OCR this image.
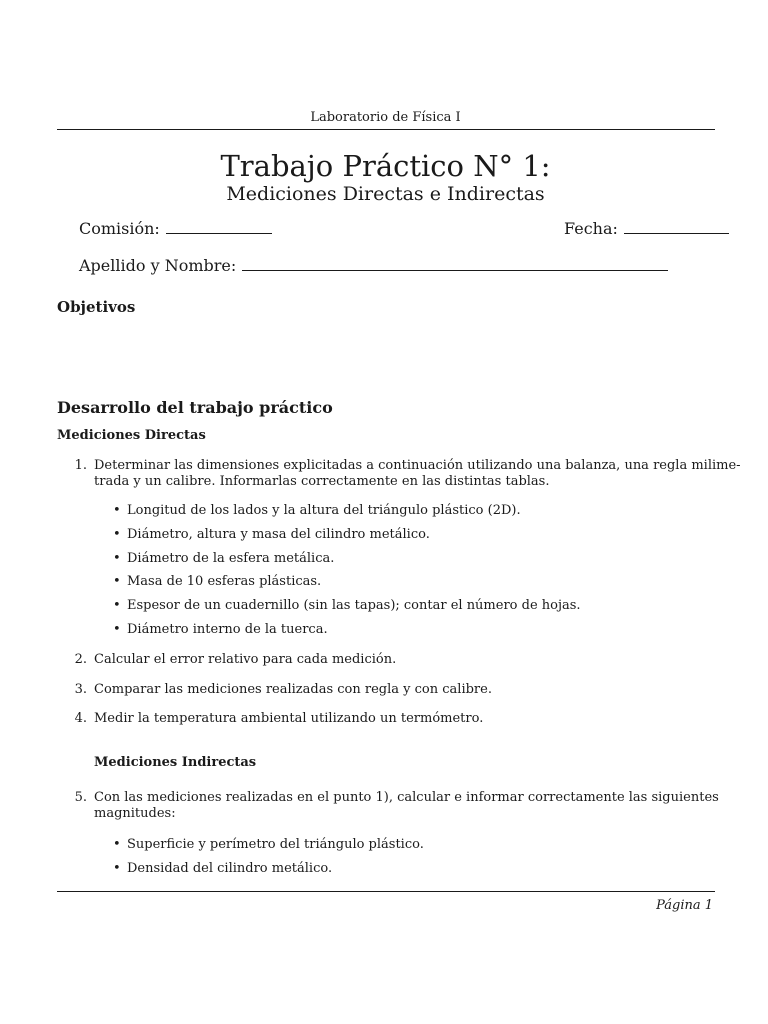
Laboratorio de Física I
Trabajo Práctico N° 1:
Mediciones Directas e Indirectas
Comisión:	Fecha:
Apellido y Nombre:
Objetivos
Desarrollo del trabajo práctico
Mediciones Directas
1. Determinar las dimensiones explicitadas a continuación utilizando una balanza, una regla milime-
trada y un calibre. Informarlas correctamente en las distintas tablas.
• Longitud de los lados y la altura del triángulo plástico (2D).
• Diámetro, altura y masa del cilindro metálico.
• Diámetro de la esfera metálica.
• Masa de 10 esferas plásticas.
• Espesor de un cuadernillo (sin las tapas); contar el número de hojas.
• Diámetro interno de la tuerca.
2. Calcular el error relativo para cada medición.
3. Comparar las mediciones realizadas con regla y con calibre.
4. Medir la temperatura ambiental utilizando un termómetro.
Mediciones Indirectas
5. Con las mediciones realizadas en el punto 1), calcular e informar correctamente las siguientes
magnitudes:
• Superficie y perímetro del triángulo plástico.
• Densidad del cilindro metálico.
Página 1
